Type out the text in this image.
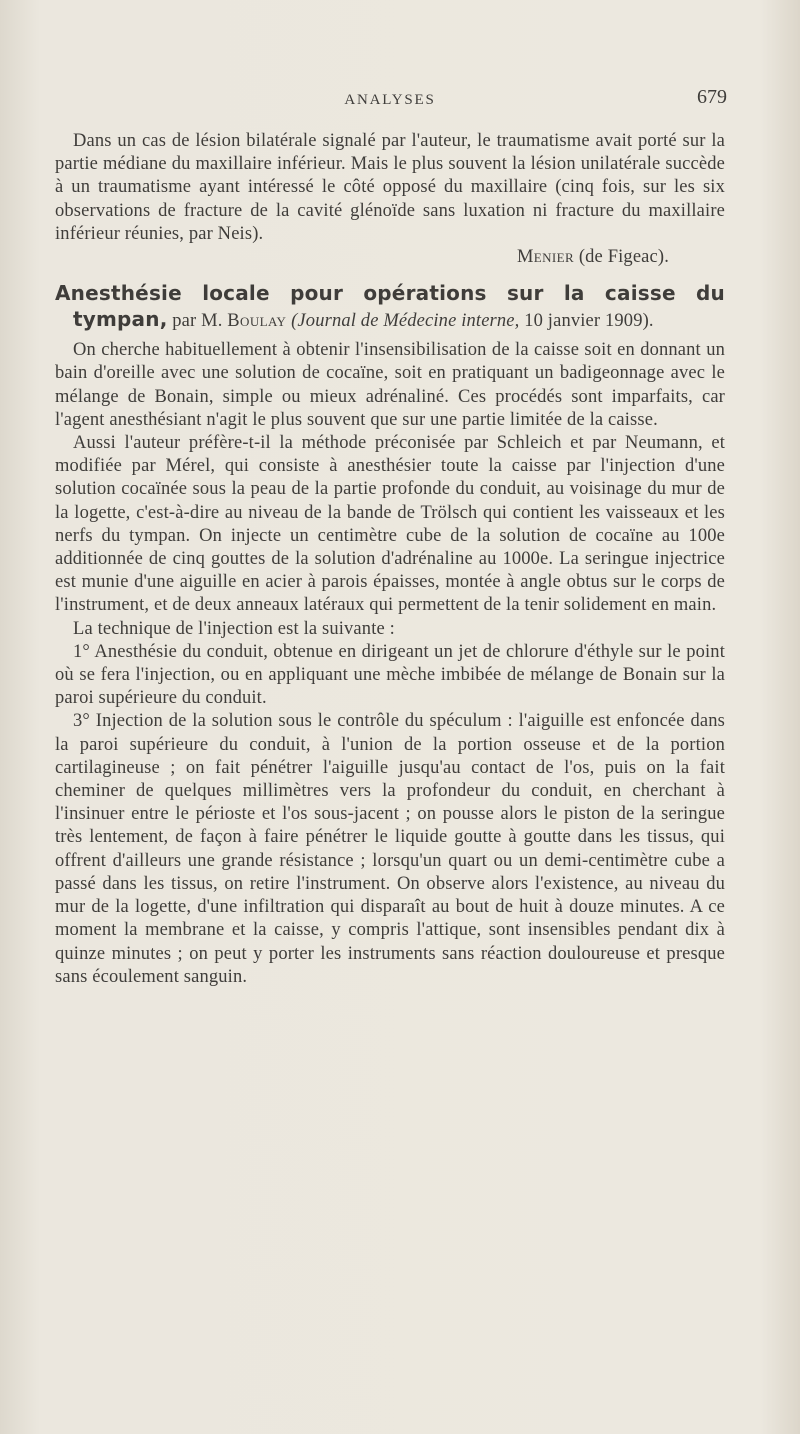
ANALYSES	679

Dans un cas de lésion bilatérale signalé par l'auteur, le traumatisme avait porté sur la partie médiane du maxillaire inférieur. Mais le plus souvent la lésion unilatérale succède à un traumatisme ayant intéressé le côté opposé du maxillaire (cinq fois, sur les six observations de fracture de la cavité glénoïde sans luxation ni fracture du maxillaire inférieur réunies, par Neis).

Menier (de Figeac).
Anesthésie locale pour opérations sur la caisse du tympan, par M. Boulay (Journal de Médecine interne, 10 janvier 1909).

On cherche habituellement à obtenir l'insensibilisation de la caisse soit en donnant un bain d'oreille avec une solution de cocaïne, soit en pratiquant un badigeonnage avec le mélange de Bonain, simple ou mieux adrénaliné. Ces procédés sont imparfaits, car l'agent anesthésiant n'agit le plus souvent que sur une partie limitée de la caisse.

Aussi l'auteur préfère-t-il la méthode préconisée par Schleich et par Neumann, et modifiée par Mérel, qui consiste à anesthésier toute la caisse par l'injection d'une solution cocaïnée sous la peau de la partie profonde du conduit, au voisinage du mur de la logette, c'est-à-dire au niveau de la bande de Trölsch qui contient les vaisseaux et les nerfs du tympan. On injecte un centimètre cube de la solution de cocaïne au 100e additionnée de cinq gouttes de la solution d'adrénaline au 1000e. La seringue injectrice est munie d'une aiguille en acier à parois épaisses, montée à angle obtus sur le corps de l'instrument, et de deux anneaux latéraux qui permettent de la tenir solidement en main.

La technique de l'injection est la suivante :

1° Anesthésie du conduit, obtenue en dirigeant un jet de chlorure d'éthyle sur le point où se fera l'injection, ou en appliquant une mèche imbibée de mélange de Bonain sur la paroi supérieure du conduit.

3° Injection de la solution sous le contrôle du spéculum : l'aiguille est enfoncée dans la paroi supérieure du conduit, à l'union de la portion osseuse et de la portion cartilagineuse ; on fait pénétrer l'aiguille jusqu'au contact de l'os, puis on la fait cheminer de quelques millimètres vers la profondeur du conduit, en cherchant à l'insinuer entre le périoste et l'os sous-jacent ; on pousse alors le piston de la seringue très lentement, de façon à faire pénétrer le liquide goutte à goutte dans les tissus, qui offrent d'ailleurs une grande résistance ; lorsqu'un quart ou un demi-centimètre cube a passé dans les tissus, on retire l'instrument. On observe alors l'existence, au niveau du mur de la logette, d'une infiltration qui disparaît au bout de huit à douze minutes. A ce moment la membrane et la caisse, y compris l'attique, sont insensibles pendant dix à quinze minutes ; on peut y porter les instruments sans réaction douloureuse et presque sans écoulement sanguin.
